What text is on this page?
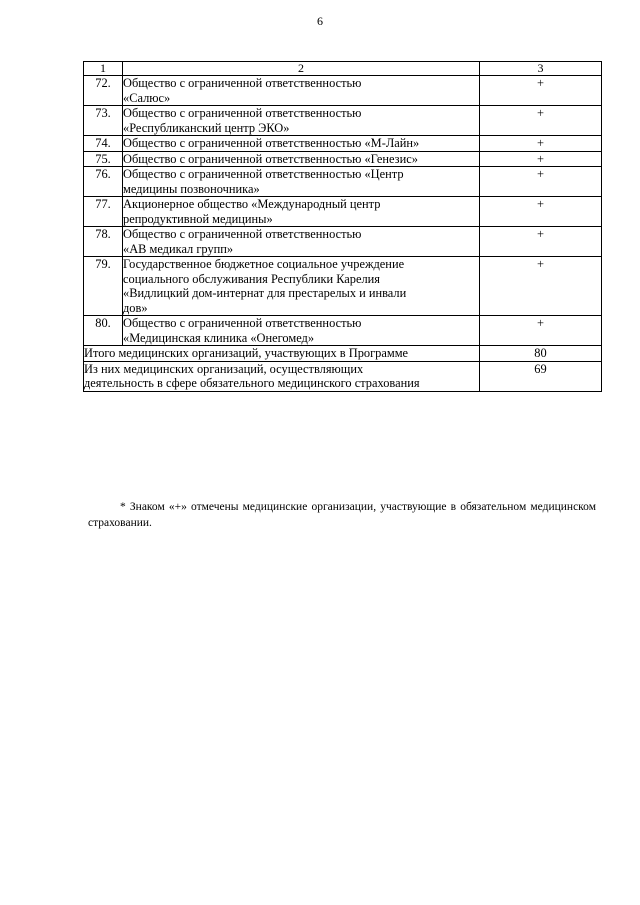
6
1	2	3
72.	Общество с ограниченной ответственностью
«Салюс»	+
73.	Общество с ограниченной ответственностью
«Республиканский центр ЭКО»	+
74.	Общество с ограниченной ответственностью «М-Лайн»	+
75.	Общество с ограниченной ответственностью «Генезис»	+
76.	Общество с ограниченной ответственностью «Центр
медицины позвоночника»	+
77.	Акционерное общество «Международный центр
репродуктивной медицины»	+
78.	Общество с ограниченной ответственностью
«АВ медикал групп»	+
79.	Государственное бюджетное социальное учреждение
социального обслуживания Республики Карелия
«Видлицкий дом-интернат для престарелых и инвали
дов»	+
80.	Общество с ограниченной ответственностью
«Медицинская клиника «Онегомед»	+
Итого медицинских организаций, участвующих в Программе		80
Из них медицинских организаций, осуществляющих
деятельность в сфере обязательного медицинского страхования		69
* Знаком «+» отмечены медицинские организации, участвующие в обязательном медицинском страховании.
